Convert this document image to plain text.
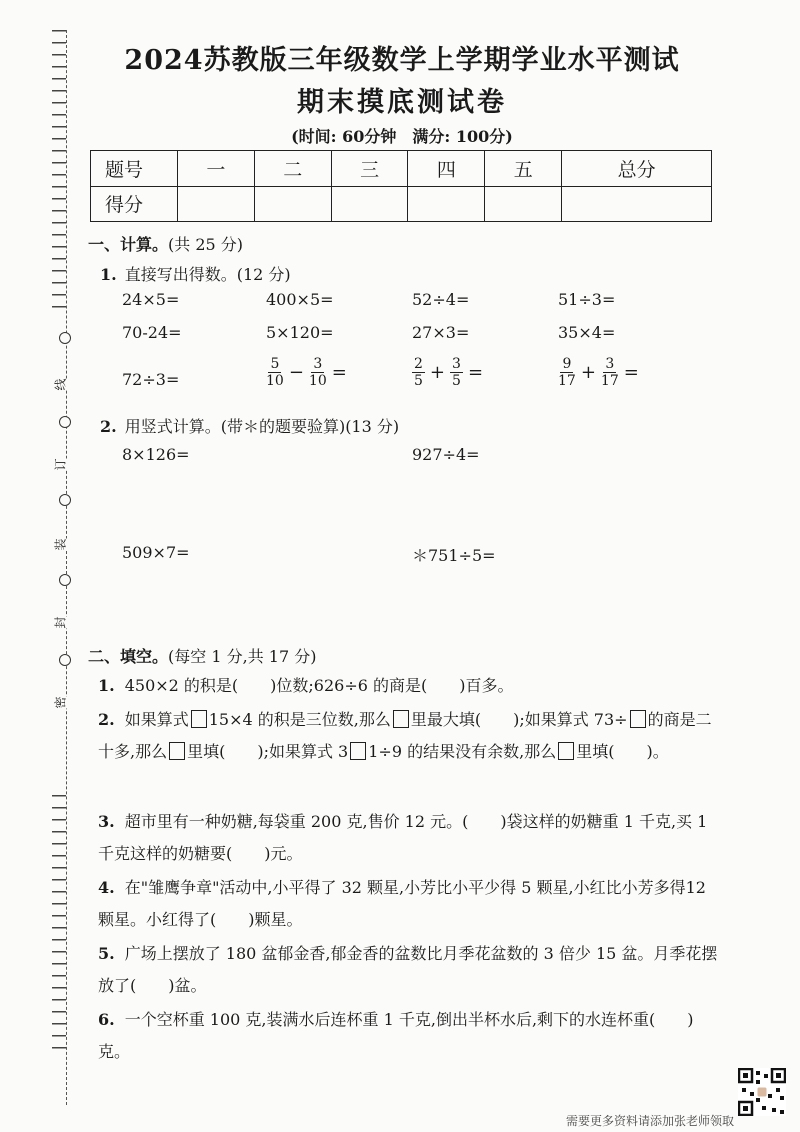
线
订
装
封
密
2024苏教版三年级数学上学期学业水平测试
期末摸底测试卷
(时间: 60分钟　满分: 100分)
题号	一	二	三	四	五	总分
得分						
一、计算。(共 25 分)
1. 直接写出得数。(12 分)
24×5=	400×5=	52÷4=	51÷3=
70-24=	5×120=	27×3=	35×4=
72÷3=	$\frac{5}{10} - \frac{3}{10}$ =	$\frac{2}{5} + \frac{3}{5}$ =	$\frac{9}{17} + \frac{3}{17}$ =
2. 用竖式计算。(带＊的题要验算)(13 分)
8×126=	927÷4=
509×7=	＊751÷5=
二、填空。(每空 1 分,共 17 分)
1. 450×2 的积是(　　)位数;626÷6 的商是(　　)百多。
2. 如果算式 15×4 的积是三位数,那么 里最大填(　　);如果算式 73÷ 的商是二十多,那么 里填(　　);如果算式 3 1÷9 的结果没有余数,那么 里填(　　)。
3. 超市里有一种奶糖,每袋重 200 克,售价 12 元。(　　)袋这样的奶糖重 1 千克,买 1 千克这样的奶糖要(　　)元。
4. 在"雏鹰争章"活动中,小平得了 32 颗星,小芳比小平少得 5 颗星,小红比小芳多得12 颗星。小红得了(　　)颗星。
5. 广场上摆放了 180 盆郁金香,郁金香的盆数比月季花盆数的 3 倍少 15 盆。月季花摆放了(　　)盆。
6. 一个空杯重 100 克,装满水后连杯重 1 千克,倒出半杯水后,剩下的水连杯重(　　)克。
需要更多资料请添加张老师领取
